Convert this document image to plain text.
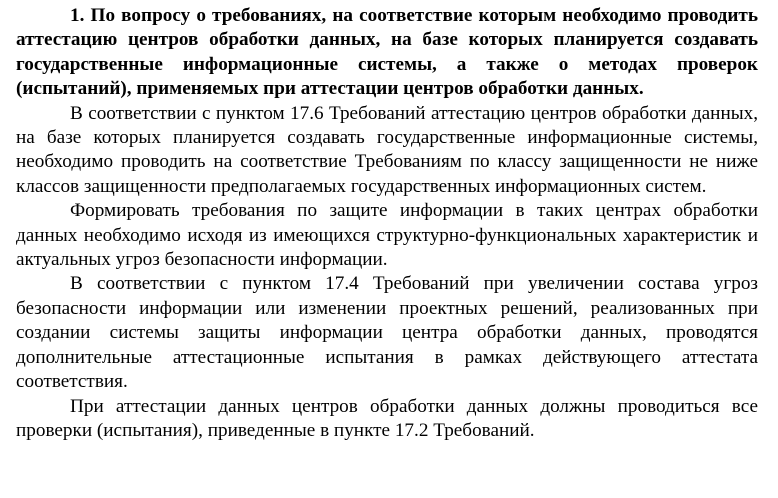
1. По вопросу о требованиях, на соответствие которым необходимо проводить аттестацию центров обработки данных, на базе которых планируется создавать государственные информационные системы, а также о методах проверок (испытаний), применяемых при аттестации центров обработки данных.

В соответствии с пунктом 17.6 Требований аттестацию центров обработки данных, на базе которых планируется создавать государственные информационные системы, необходимо проводить на соответствие Требованиям по классу защищенности не ниже классов защищенности предполагаемых государственных информационных систем.

Формировать требования по защите информации в таких центрах обработки данных необходимо исходя из имеющихся структурно-функциональных характеристик и актуальных угроз безопасности информации.

В соответствии с пунктом 17.4 Требований при увеличении состава угроз безопасности информации или изменении проектных решений, реализованных при создании системы защиты информации центра обработки данных, проводятся дополнительные аттестационные испытания в рамках действующего аттестата соответствия.

При аттестации данных центров обработки данных должны проводиться все проверки (испытания), приведенные в пункте 17.2 Требований.
